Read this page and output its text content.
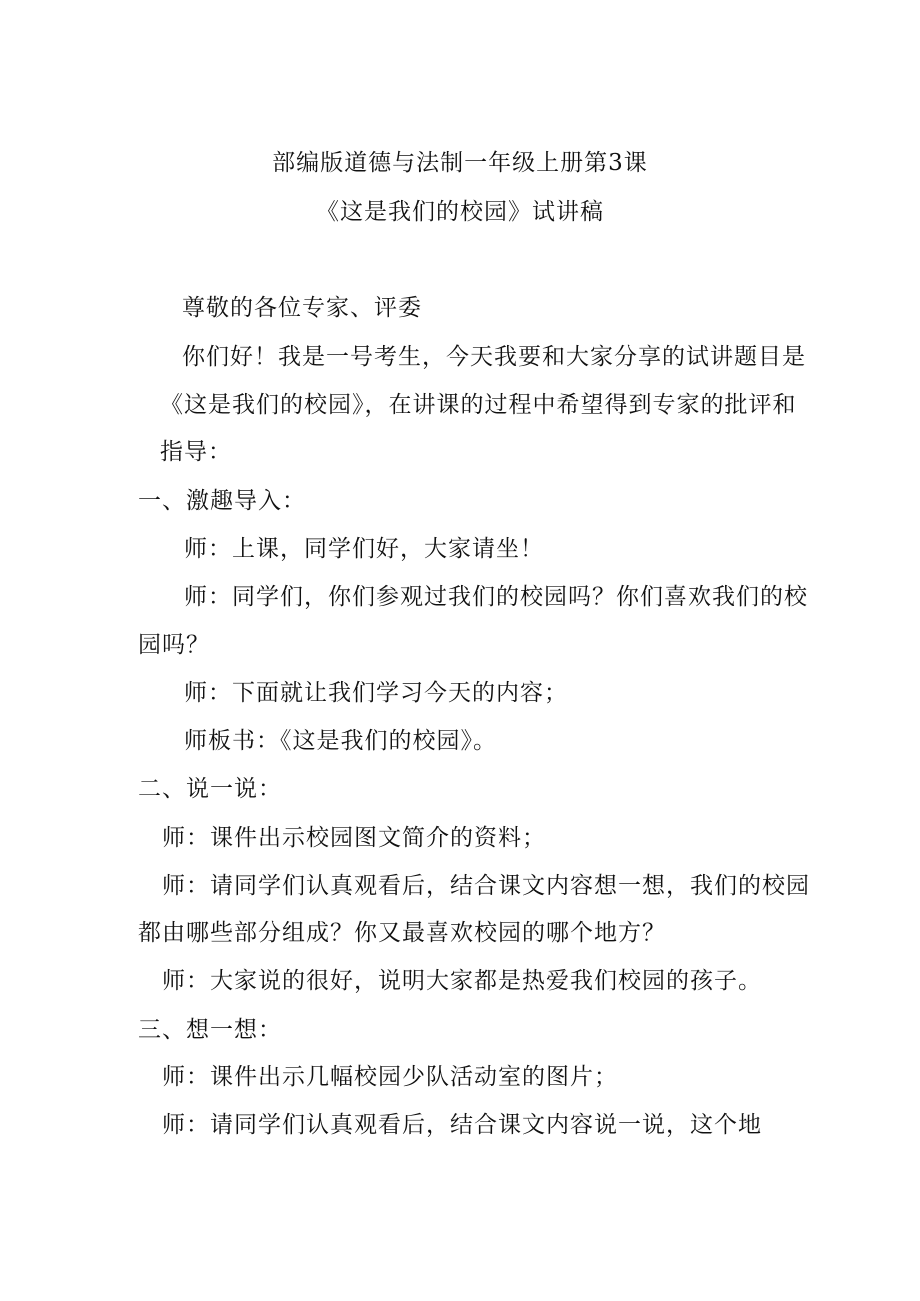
部编版道德与法制一年级上册第3课
《这是我们的校园》试讲稿
尊敬的各位专家、评委
你们好！我是一号考生，今天我要和大家分享的试讲题目是
《这是我们的校园》，在讲课的过程中希望得到专家的批评和
指导：
一、激趣导入：
师：上课，同学们好，大家请坐！
师：同学们，你们参观过我们的校园吗？你们喜欢我们的校
园吗？
师：下面就让我们学习今天的内容；
师板书：《这是我们的校园》。
二、说一说：
师：课件出示校园图文简介的资料；
师：请同学们认真观看后，结合课文内容想一想，我们的校园
都由哪些部分组成？你又最喜欢校园的哪个地方？
师：大家说的很好，说明大家都是热爱我们校园的孩子。
三、想一想：
师：课件出示几幅校园少队活动室的图片；
师：请同学们认真观看后，结合课文内容说一说，这个地
